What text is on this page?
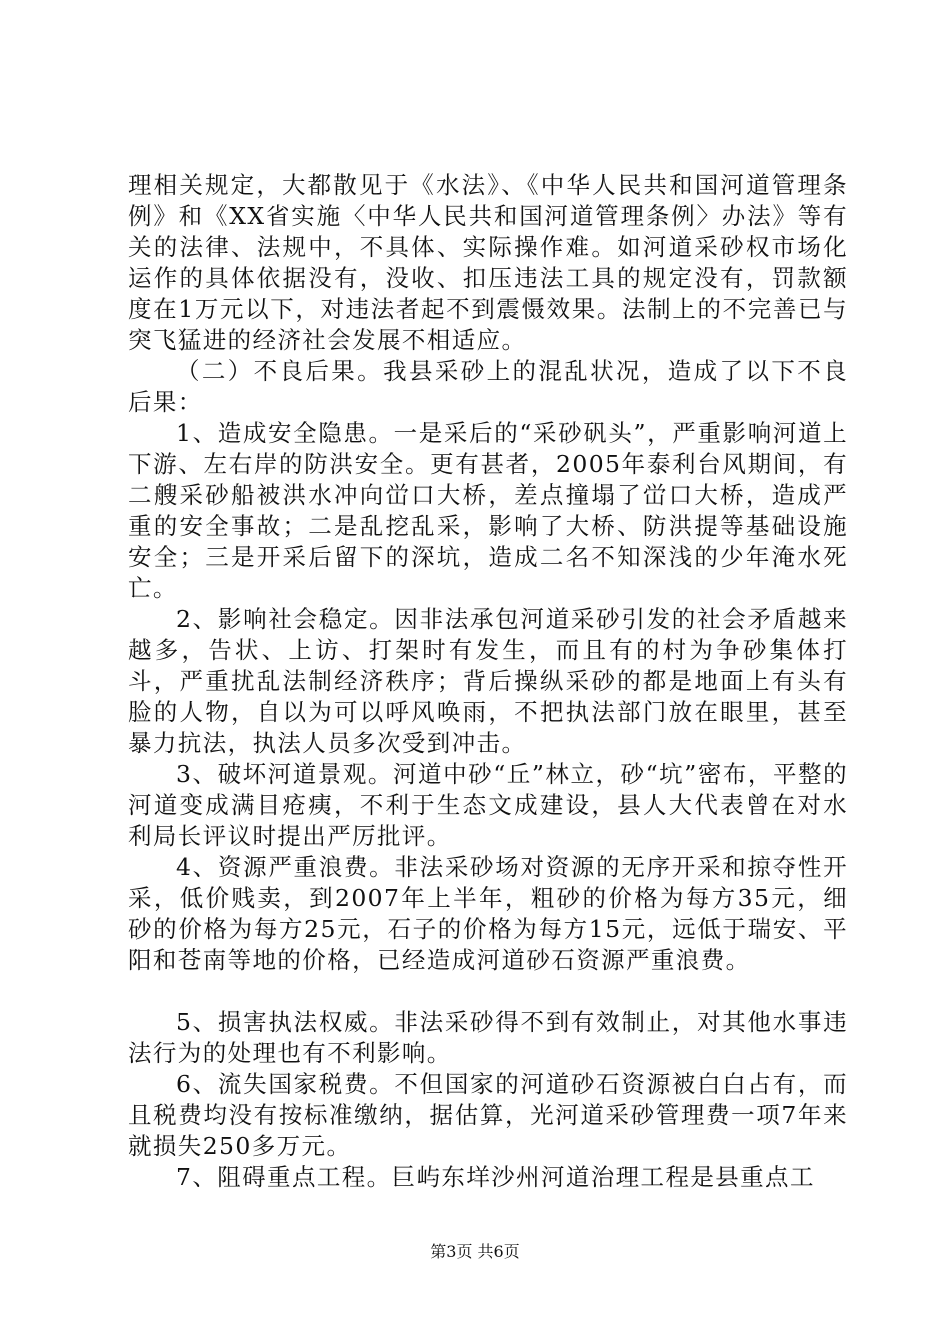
理相关规定，大都散见于《水法》、《中华人民共和国河道管理条例》和《XX省实施〈中华人民共和国河道管理条例〉办法》等有关的法律、法规中，不具体、实际操作难。如河道采砂权市场化运作的具体依据没有，没收、扣压违法工具的规定没有，罚款额度在1万元以下，对违法者起不到震慑效果。法制上的不完善已与突飞猛进的经济社会发展不相适应。

（二）不良后果。我县采砂上的混乱状况，造成了以下不良后果：

1、造成安全隐患。一是采后的“采砂矾头”，严重影响河道上下游、左右岸的防洪安全。更有甚者，2005年泰利台风期间，有二艘采砂船被洪水冲向峃口大桥，差点撞塌了峃口大桥，造成严重的安全事故；二是乱挖乱采，影响了大桥、防洪提等基础设施安全；三是开采后留下的深坑，造成二名不知深浅的少年淹水死亡。

2、影响社会稳定。因非法承包河道采砂引发的社会矛盾越来越多，告状、上访、打架时有发生，而且有的村为争砂集体打斗，严重扰乱法制经济秩序；背后操纵采砂的都是地面上有头有脸的人物，自以为可以呼风唤雨，不把执法部门放在眼里，甚至暴力抗法，执法人员多次受到冲击。

3、破坏河道景观。河道中砂“丘”林立，砂“坑”密布，平整的河道变成满目疮痍，不利于生态文成建设，县人大代表曾在对水利局长评议时提出严厉批评。

4、资源严重浪费。非法采砂场对资源的无序开采和掠夺性开采，低价贱卖，到2007年上半年，粗砂的价格为每方35元，细砂的价格为每方25元，石子的价格为每方15元，远低于瑞安、平阳和苍南等地的价格，已经造成河道砂石资源严重浪费。

5、损害执法权威。非法采砂得不到有效制止，对其他水事违法行为的处理也有不利影响。

6、流失国家税费。不但国家的河道砂石资源被白白占有，而且税费均没有按标准缴纳，据估算，光河道采砂管理费一项7年来就损失250多万元。

7、阻碍重点工程。巨屿东垟沙州河道治理工程是县重点工

第3页 共6页
